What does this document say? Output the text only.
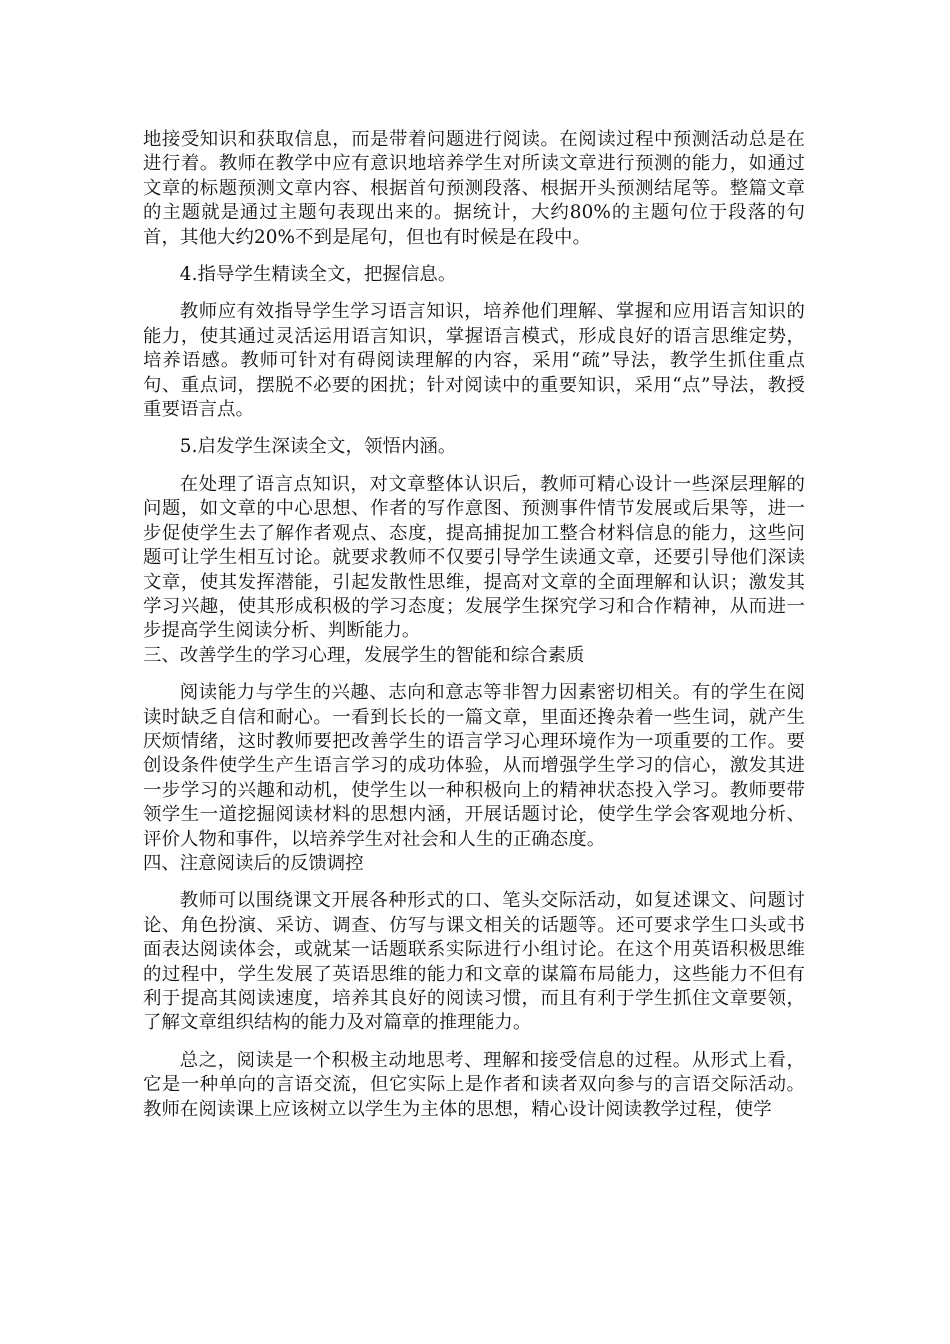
地接受知识和获取信息，而是带着问题进行阅读。在阅读过程中预测活动总是在进行着。教师在教学中应有意识地培养学生对所读文章进行预测的能力，如通过文章的标题预测文章内容、根据首句预测段落、根据开头预测结尾等。整篇文章的主题就是通过主题句表现出来的。据统计，大约80%的主题句位于段落的句首，其他大约20%不到是尾句，但也有时候是在段中。

4.指导学生精读全文，把握信息。

教师应有效指导学生学习语言知识，培养他们理解、掌握和应用语言知识的能力，使其通过灵活运用语言知识，掌握语言模式，形成良好的语言思维定势，培养语感。教师可针对有碍阅读理解的内容，采用“疏”导法，教学生抓住重点句、重点词，摆脱不必要的困扰；针对阅读中的重要知识，采用“点”导法，教授重要语言点。

5.启发学生深读全文，领悟内涵。

在处理了语言点知识，对文章整体认识后，教师可精心设计一些深层理解的问题，如文章的中心思想、作者的写作意图、预测事件情节发展或后果等，进一步促使学生去了解作者观点、态度，提高捕捉加工整合材料信息的能力，这些问题可让学生相互讨论。就要求教师不仅要引导学生读通文章，还要引导他们深读文章，使其发挥潜能，引起发散性思维，提高对文章的全面理解和认识；激发其学习兴趣，使其形成积极的学习态度；发展学生探究学习和合作精神，从而进一步提高学生阅读分析、判断能力。

三、改善学生的学习心理，发展学生的智能和综合素质

阅读能力与学生的兴趣、志向和意志等非智力因素密切相关。有的学生在阅读时缺乏自信和耐心。一看到长长的一篇文章，里面还搀杂着一些生词，就产生厌烦情绪，这时教师要把改善学生的语言学习心理环境作为一项重要的工作。要创设条件使学生产生语言学习的成功体验，从而增强学生学习的信心，激发其进一步学习的兴趣和动机，使学生以一种积极向上的精神状态投入学习。教师要带领学生一道挖掘阅读材料的思想内涵，开展话题讨论，使学生学会客观地分析、评价人物和事件，以培养学生对社会和人生的正确态度。

四、注意阅读后的反馈调控

教师可以围绕课文开展各种形式的口、笔头交际活动，如复述课文、问题讨论、角色扮演、采访、调查、仿写与课文相关的话题等。还可要求学生口头或书面表达阅读体会，或就某一话题联系实际进行小组讨论。在这个用英语积极思维的过程中，学生发展了英语思维的能力和文章的谋篇布局能力，这些能力不但有利于提高其阅读速度，培养其良好的阅读习惯，而且有利于学生抓住文章要领，了解文章组织结构的能力及对篇章的推理能力。

总之，阅读是一个积极主动地思考、理解和接受信息的过程。从形式上看，它是一种单向的言语交流，但它实际上是作者和读者双向参与的言语交际活动。教师在阅读课上应该树立以学生为主体的思想，精心设计阅读教学过程，使学
